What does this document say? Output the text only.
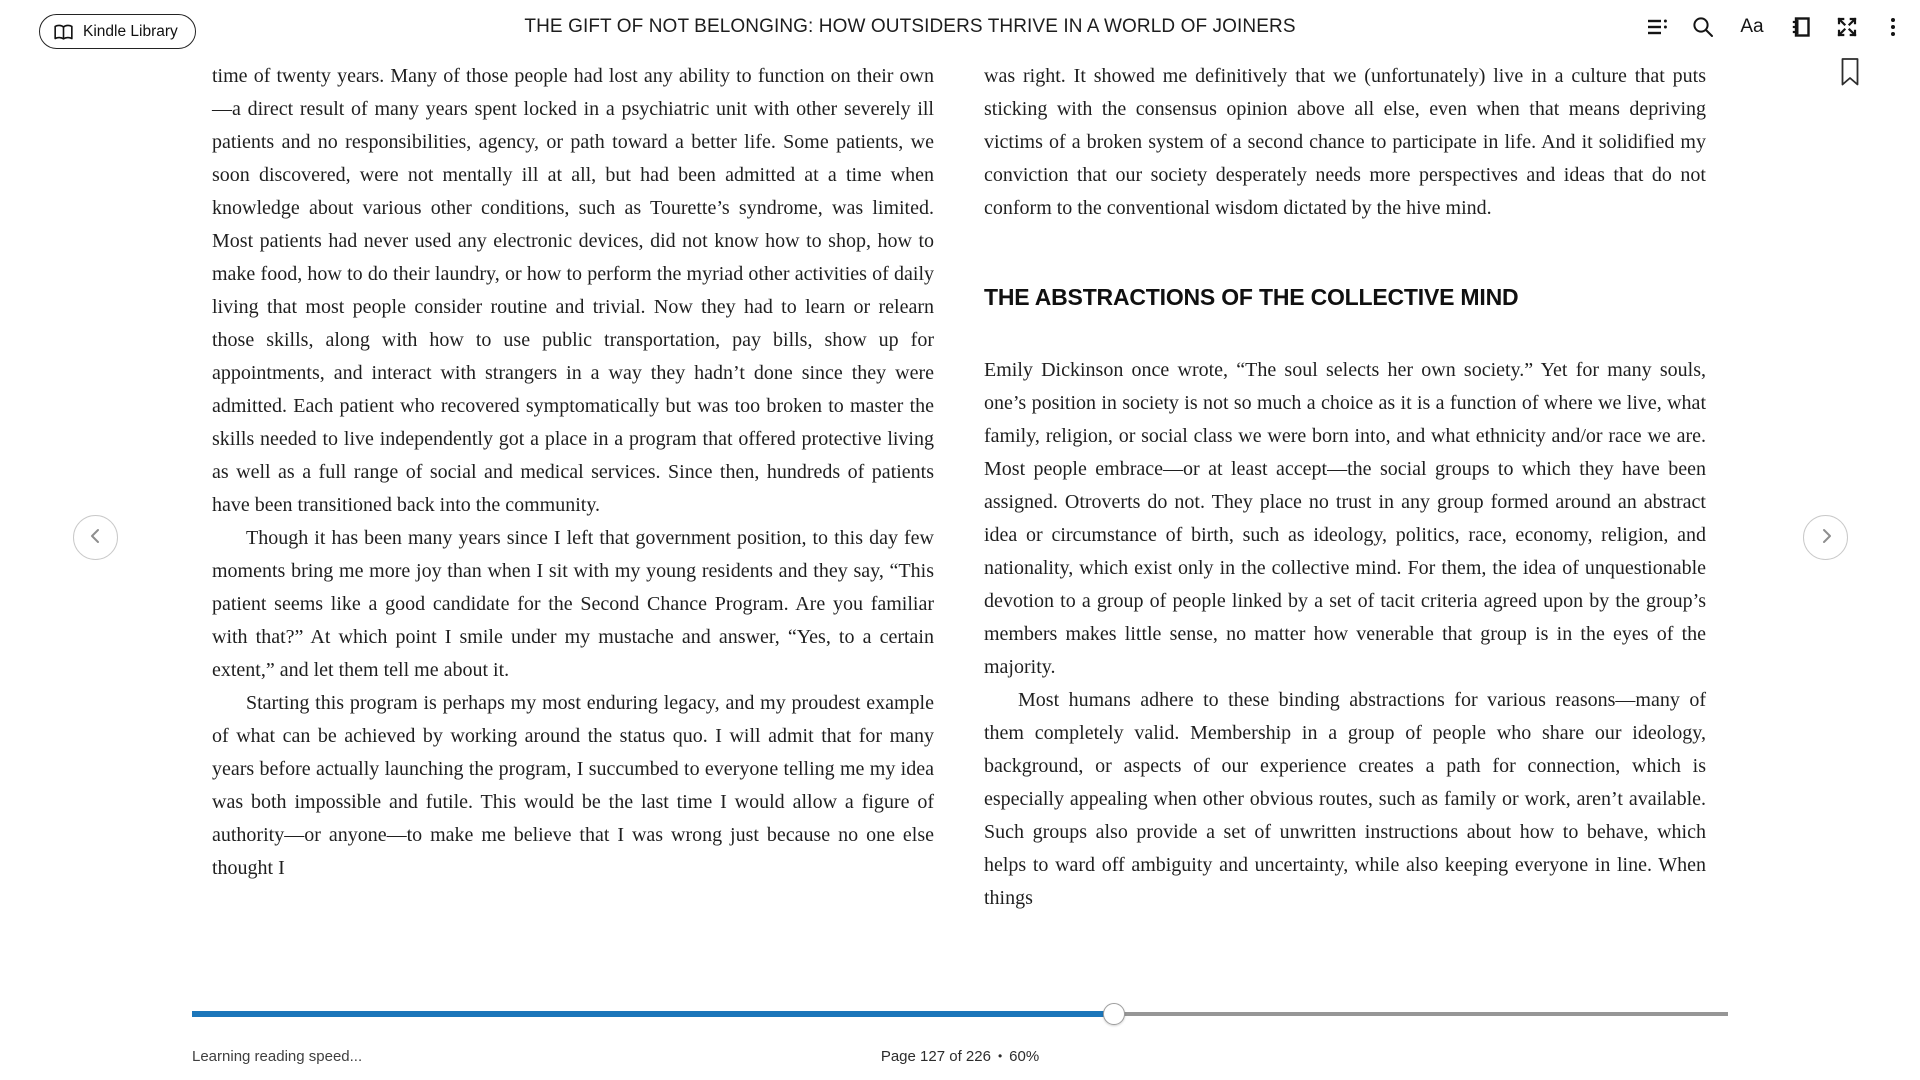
Kindle Library	THE GIFT OF NOT BELONGING: HOW OUTSIDERS THRIVE IN A WORLD OF JOINERS	Aa

time of twenty years. Many of those people had lost any ability to function on their own—a direct result of many years spent locked in a psychiatric unit with other severely ill patients and no responsibilities, agency, or path toward a better life. Some patients, we soon discovered, were not mentally ill at all, but had been admitted at a time when knowledge about various other conditions, such as Tourette’s syndrome, was limited. Most patients had never used any electronic devices, did not know how to shop, how to make food, how to do their laundry, or how to perform the myriad other activities of daily living that most people consider routine and trivial. Now they had to learn or relearn those skills, along with how to use public transportation, pay bills, show up for appointments, and interact with strangers in a way they hadn’t done since they were admitted. Each patient who recovered symptomatically but was too broken to master the skills needed to live independently got a place in a program that offered protective living as well as a full range of social and medical services. Since then, hundreds of patients have been transitioned back into the community.

Though it has been many years since I left that government position, to this day few moments bring me more joy than when I sit with my young residents and they say, “This patient seems like a good candidate for the Second Chance Program. Are you familiar with that?” At which point I smile under my mustache and answer, “Yes, to a certain extent,” and let them tell me about it.

Starting this program is perhaps my most enduring legacy, and my proudest example of what can be achieved by working around the status quo. I will admit that for many years before actually launching the program, I succumbed to everyone telling me my idea was both impossible and futile. This would be the last time I would allow a figure of authority—or anyone—to make me believe that I was wrong just because no one else thought I

was right. It showed me definitively that we (unfortunately) live in a culture that puts sticking with the consensus opinion above all else, even when that means depriving victims of a broken system of a second chance to participate in life. And it solidified my conviction that our society desperately needs more perspectives and ideas that do not conform to the conventional wisdom dictated by the hive mind.

THE ABSTRACTIONS OF THE COLLECTIVE MIND

Emily Dickinson once wrote, “The soul selects her own society.” Yet for many souls, one’s position in society is not so much a choice as it is a function of where we live, what family, religion, or social class we were born into, and what ethnicity and/or race we are. Most people embrace—or at least accept—the social groups to which they have been assigned. Otroverts do not. They place no trust in any group formed around an abstract idea or circumstance of birth, such as ideology, politics, race, economy, religion, and nationality, which exist only in the collective mind. For them, the idea of unquestionable devotion to a group of people linked by a set of tacit criteria agreed upon by the group’s members makes little sense, no matter how venerable that group is in the eyes of the majority.

Most humans adhere to these binding abstractions for various reasons—many of them completely valid. Membership in a group of people who share our ideology, background, or aspects of our experience creates a path for connection, which is especially appealing when other obvious routes, such as family or work, aren’t available. Such groups also provide a set of unwritten instructions about how to behave, which helps to ward off ambiguity and uncertainty, while also keeping everyone in line. When things

Learning reading speed...	Page 127 of 226 • 60%
